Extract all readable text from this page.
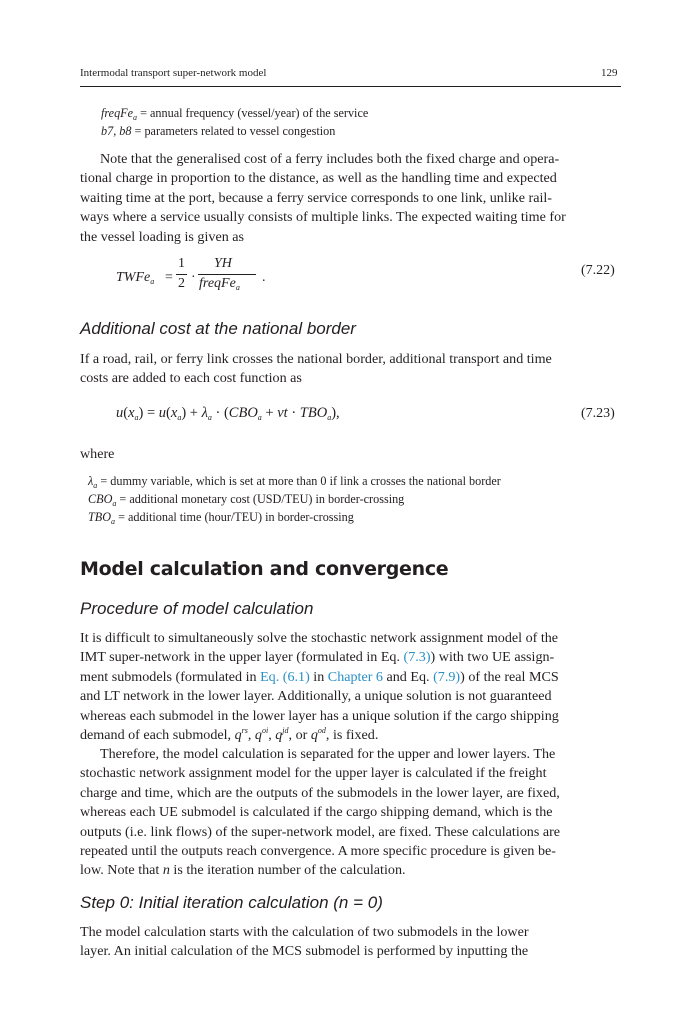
Intermodal transport super-network model	129
freqFe$_a$ = annual frequency (vessel/year) of the service
b7, b8 = parameters related to vessel congestion
Note that the generalised cost of a ferry includes both the fixed charge and opera-
tional charge in proportion to the distance, as well as the handling time and expected
waiting time at the port, because a ferry service corresponds to one link, unlike rail-
ways where a service usually consists of multiple links. The expected waiting time for
the vessel loading is given as
TWFe$_a$ =
1
2 ·
YH
freqFe$_a$
.	(7.22)
Additional cost at the national border
If a road, rail, or ferry link crosses the national border, additional transport and time
costs are added to each cost function as
$u(x_a) = u(x_a) + \lambda_a \cdot (CBO_a$ + vt · $TBO_a$),	(7.23)
where
$\lambda_a$ = dummy variable, which is set at more than 0 if link a crosses the national border
$CBO_a$ = additional monetary cost (USD/TEU) in border-crossing
$TBO_a$ = additional time (hour/TEU) in border-crossing
Model calculation and convergence
Procedure of model calculation
It is difficult to simultaneously solve the stochastic network assignment model of the
IMT super-network in the upper layer (formulated in Eq. (7.3)) with two UE assign-
ment submodels (formulated in Eq. (6.1) in Chapter 6 and Eq. (7.9)) of the real MCS
and LT network in the lower layer. Additionally, a unique solution is not guaranteed
whereas each submodel in the lower layer has a unique solution if the cargo shipping
demand of each submodel, $q^{rs}$, $q^{oi}$, $q^{jd}$, or $q^{od}$, is fixed.
Therefore, the model calculation is separated for the upper and lower layers. The
stochastic network assignment model for the upper layer is calculated if the freight
charge and time, which are the outputs of the submodels in the lower layer, are fixed,
whereas each UE submodel is calculated if the cargo shipping demand, which is the
outputs (i.e. link flows) of the super-network model, are fixed. These calculations are
repeated until the outputs reach convergence. A more specific procedure is given be-
low. Note that n is the iteration number of the calculation.
Step 0: Initial iteration calculation (n = 0)
The model calculation starts with the calculation of two submodels in the lower
layer. An initial calculation of the MCS submodel is performed by inputting the
